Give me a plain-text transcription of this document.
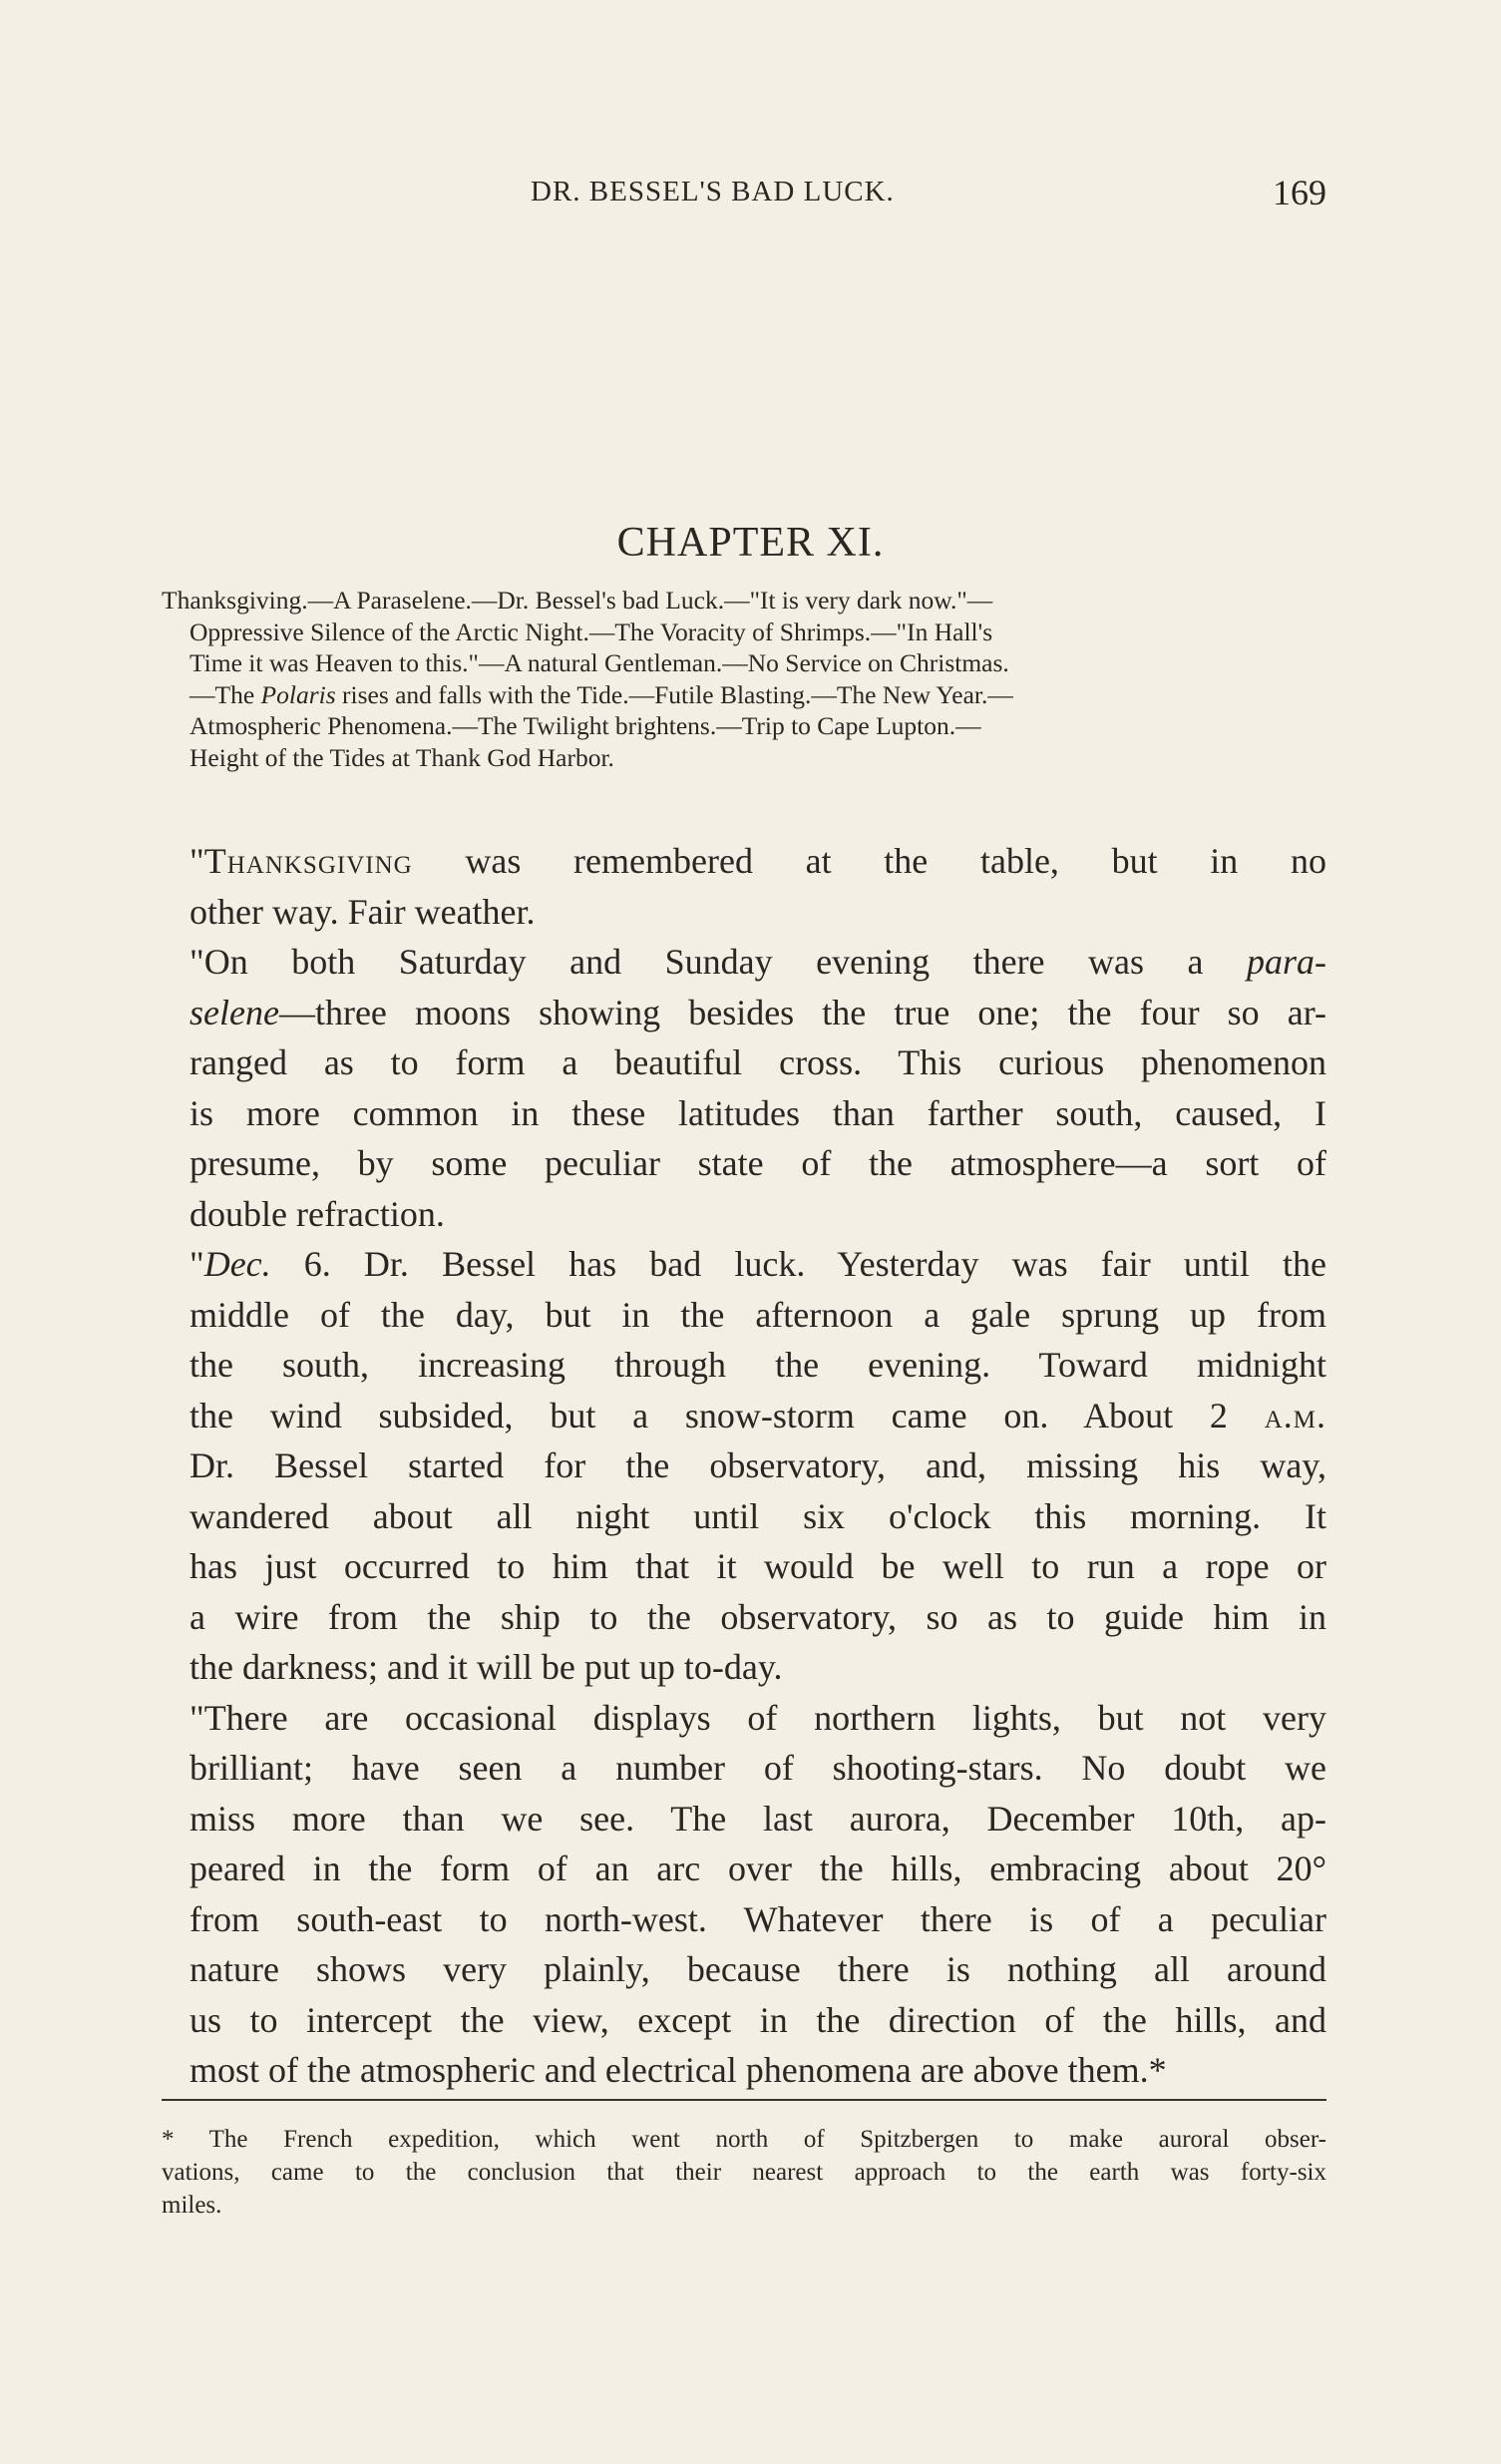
DR. BESSEL'S BAD LUCK.	169
CHAPTER XI.
Thanksgiving.—A Paraselene.—Dr. Bessel's bad Luck.—"It is very dark now."—
Oppressive Silence of the Arctic Night.—The Voracity of Shrimps.—"In Hall's
Time it was Heaven to this."—A natural Gentleman.—No Service on Christmas.
—The Polaris rises and falls with the Tide.—Futile Blasting.—The New Year.—
Atmospheric Phenomena.—The Twilight brightens.—Trip to Cape Lupton.—
Height of the Tides at Thank God Harbor.
"Thanksgiving was remembered at the table, but in no
other way. Fair weather.
"On both Saturday and Sunday evening there was a para-
selene—three moons showing besides the true one; the four so ar-
ranged as to form a beautiful cross. This curious phenomenon
is more common in these latitudes than farther south, caused, I
presume, by some peculiar state of the atmosphere—a sort of
double refraction.
"Dec. 6. Dr. Bessel has bad luck. Yesterday was fair until the
middle of the day, but in the afternoon a gale sprung up from
the south, increasing through the evening. Toward midnight
the wind subsided, but a snow-storm came on. About 2 a.m.
Dr. Bessel started for the observatory, and, missing his way,
wandered about all night until six o'clock this morning. It
has just occurred to him that it would be well to run a rope or
a wire from the ship to the observatory, so as to guide him in
the darkness; and it will be put up to-day.
"There are occasional displays of northern lights, but not very
brilliant; have seen a number of shooting-stars. No doubt we
miss more than we see. The last aurora, December 10th, ap-
peared in the form of an arc over the hills, embracing about 20°
from south-east to north-west. Whatever there is of a peculiar
nature shows very plainly, because there is nothing all around
us to intercept the view, except in the direction of the hills, and
most of the atmospheric and electrical phenomena are above them.*
* The French expedition, which went north of Spitzbergen to make auroral obser-
vations, came to the conclusion that their nearest approach to the earth was forty-six
miles.
